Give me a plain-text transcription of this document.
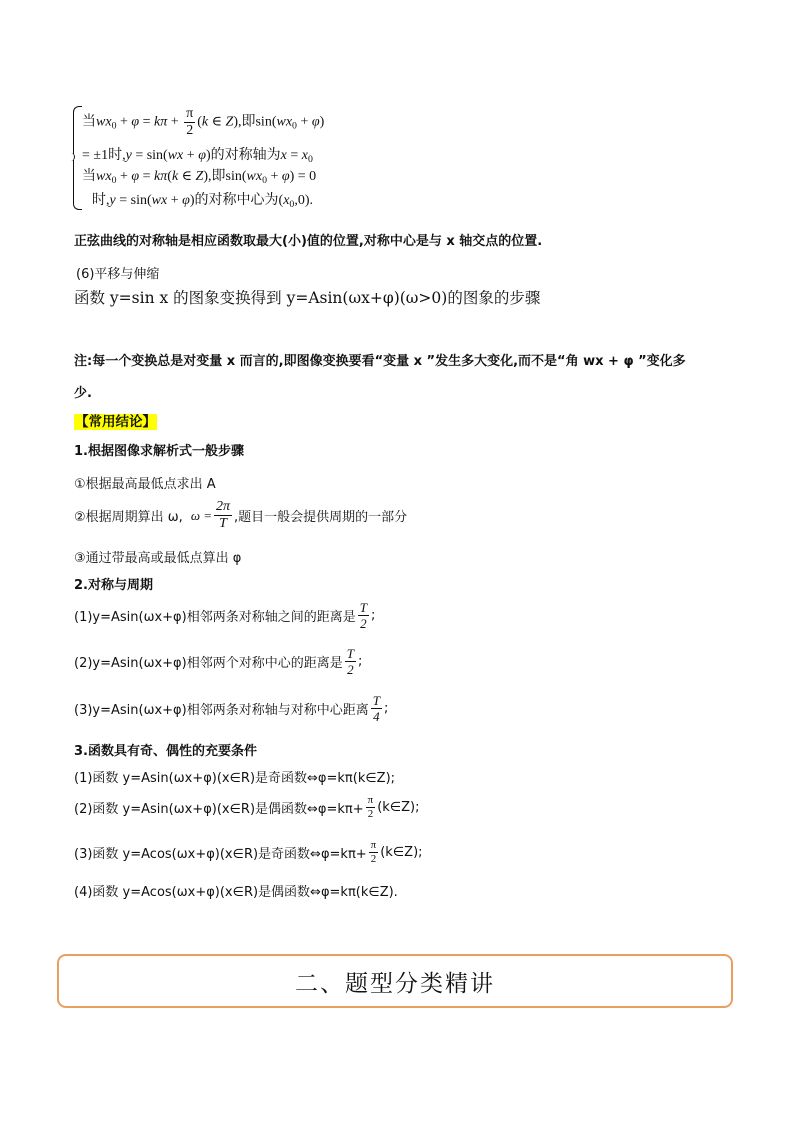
当$wx_0 + \varphi = k\pi + \frac{\pi}{2} (k$ ∈ Z),即$\sin(wx_0 + \varphi)$
= ±1时,y = sin(wx + φ)的对称轴为$x = x_0$
当$wx_0 + \varphi = k\pi(k$ ∈ Z),即$\sin(wx_0 + \varphi) = 0$
时,y = sin(wx + φ)的对称中心为$(x_0,0)$.
正弦曲线的对称轴是相应函数取最大(小)值的位置,对称中心是与 x 轴交点的位置.
(6)平移与伸缩
函数 y=sin x 的图象变换得到 y=Asin(ωx+φ)(ω>0)的图象的步骤
注:每一个变换总是对变量 x 而言的,即图像变换要看“变量 x ”发生多大变化,而不是“角 wx + φ ”变化多
少.
【常用结论】
1.根据图像求解析式一般步骤
①根据最高最低点求出 A
②根据周期算出 ω, $\omega = \frac{2\pi}{T}$ ,题目一般会提供周期的一部分
③通过带最高或最低点算出 φ
2.对称与周期
(1)y=Asin(ωx+φ)相邻两条对称轴之间的距离是 $\frac{T}{2}$ ;
(2)y=Asin(ωx+φ)相邻两个对称中心的距离是 $\frac{T}{2}$ ;
(3)y=Asin(ωx+φ)相邻两条对称轴与对称中心距离 $\frac{T}{4}$ ;
3.函数具有奇、偶性的充要条件
(1)函数 y=Asin(ωx+φ)(x∈R)是奇函数⇔φ=kπ(k∈Z);
(2)函数 y=Asin(ωx+φ)(x∈R)是偶函数⇔φ=kπ+ $\frac{\pi}{2}$ (k∈Z);
(3)函数 y=Acos(ωx+φ)(x∈R)是奇函数⇔φ=kπ+ $\frac{\pi}{2}$ (k∈Z);
(4)函数 y=Acos(ωx+φ)(x∈R)是偶函数⇔φ=kπ(k∈Z).
二、题型分类精讲
